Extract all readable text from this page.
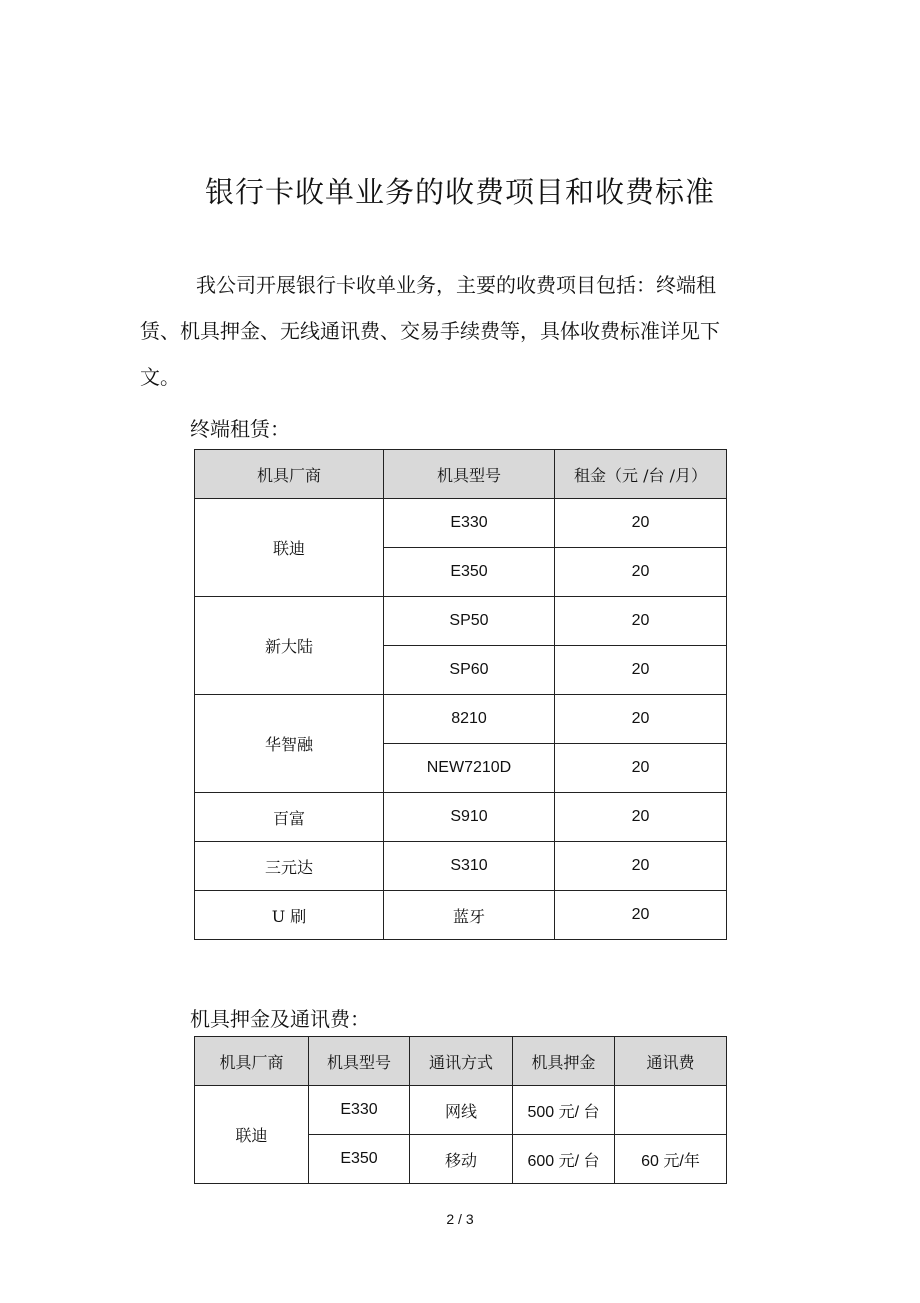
银行卡收单业务的收费项目和收费标准
我公司开展银行卡收单业务，主要的收费项目包括：终端租赁、机具押金、无线通讯费、交易手续费等，具体收费标准详见下文。
终端租赁：
机具厂商	机具型号	租金（元 /台 /月）
联迪	E330	20
	E350	20
新大陆	SP50	20
	SP60	20
华智融	8210	20
	NEW7210D	20
百富	S910	20
三元达	S310	20
U 刷	蓝牙	20
机具押金及通讯费：
机具厂商	机具型号	通讯方式	机具押金	通讯费
联迪	E330	网线	500 元/ 台	
	E350	移动	600 元/ 台	60 元/年
2 / 3
